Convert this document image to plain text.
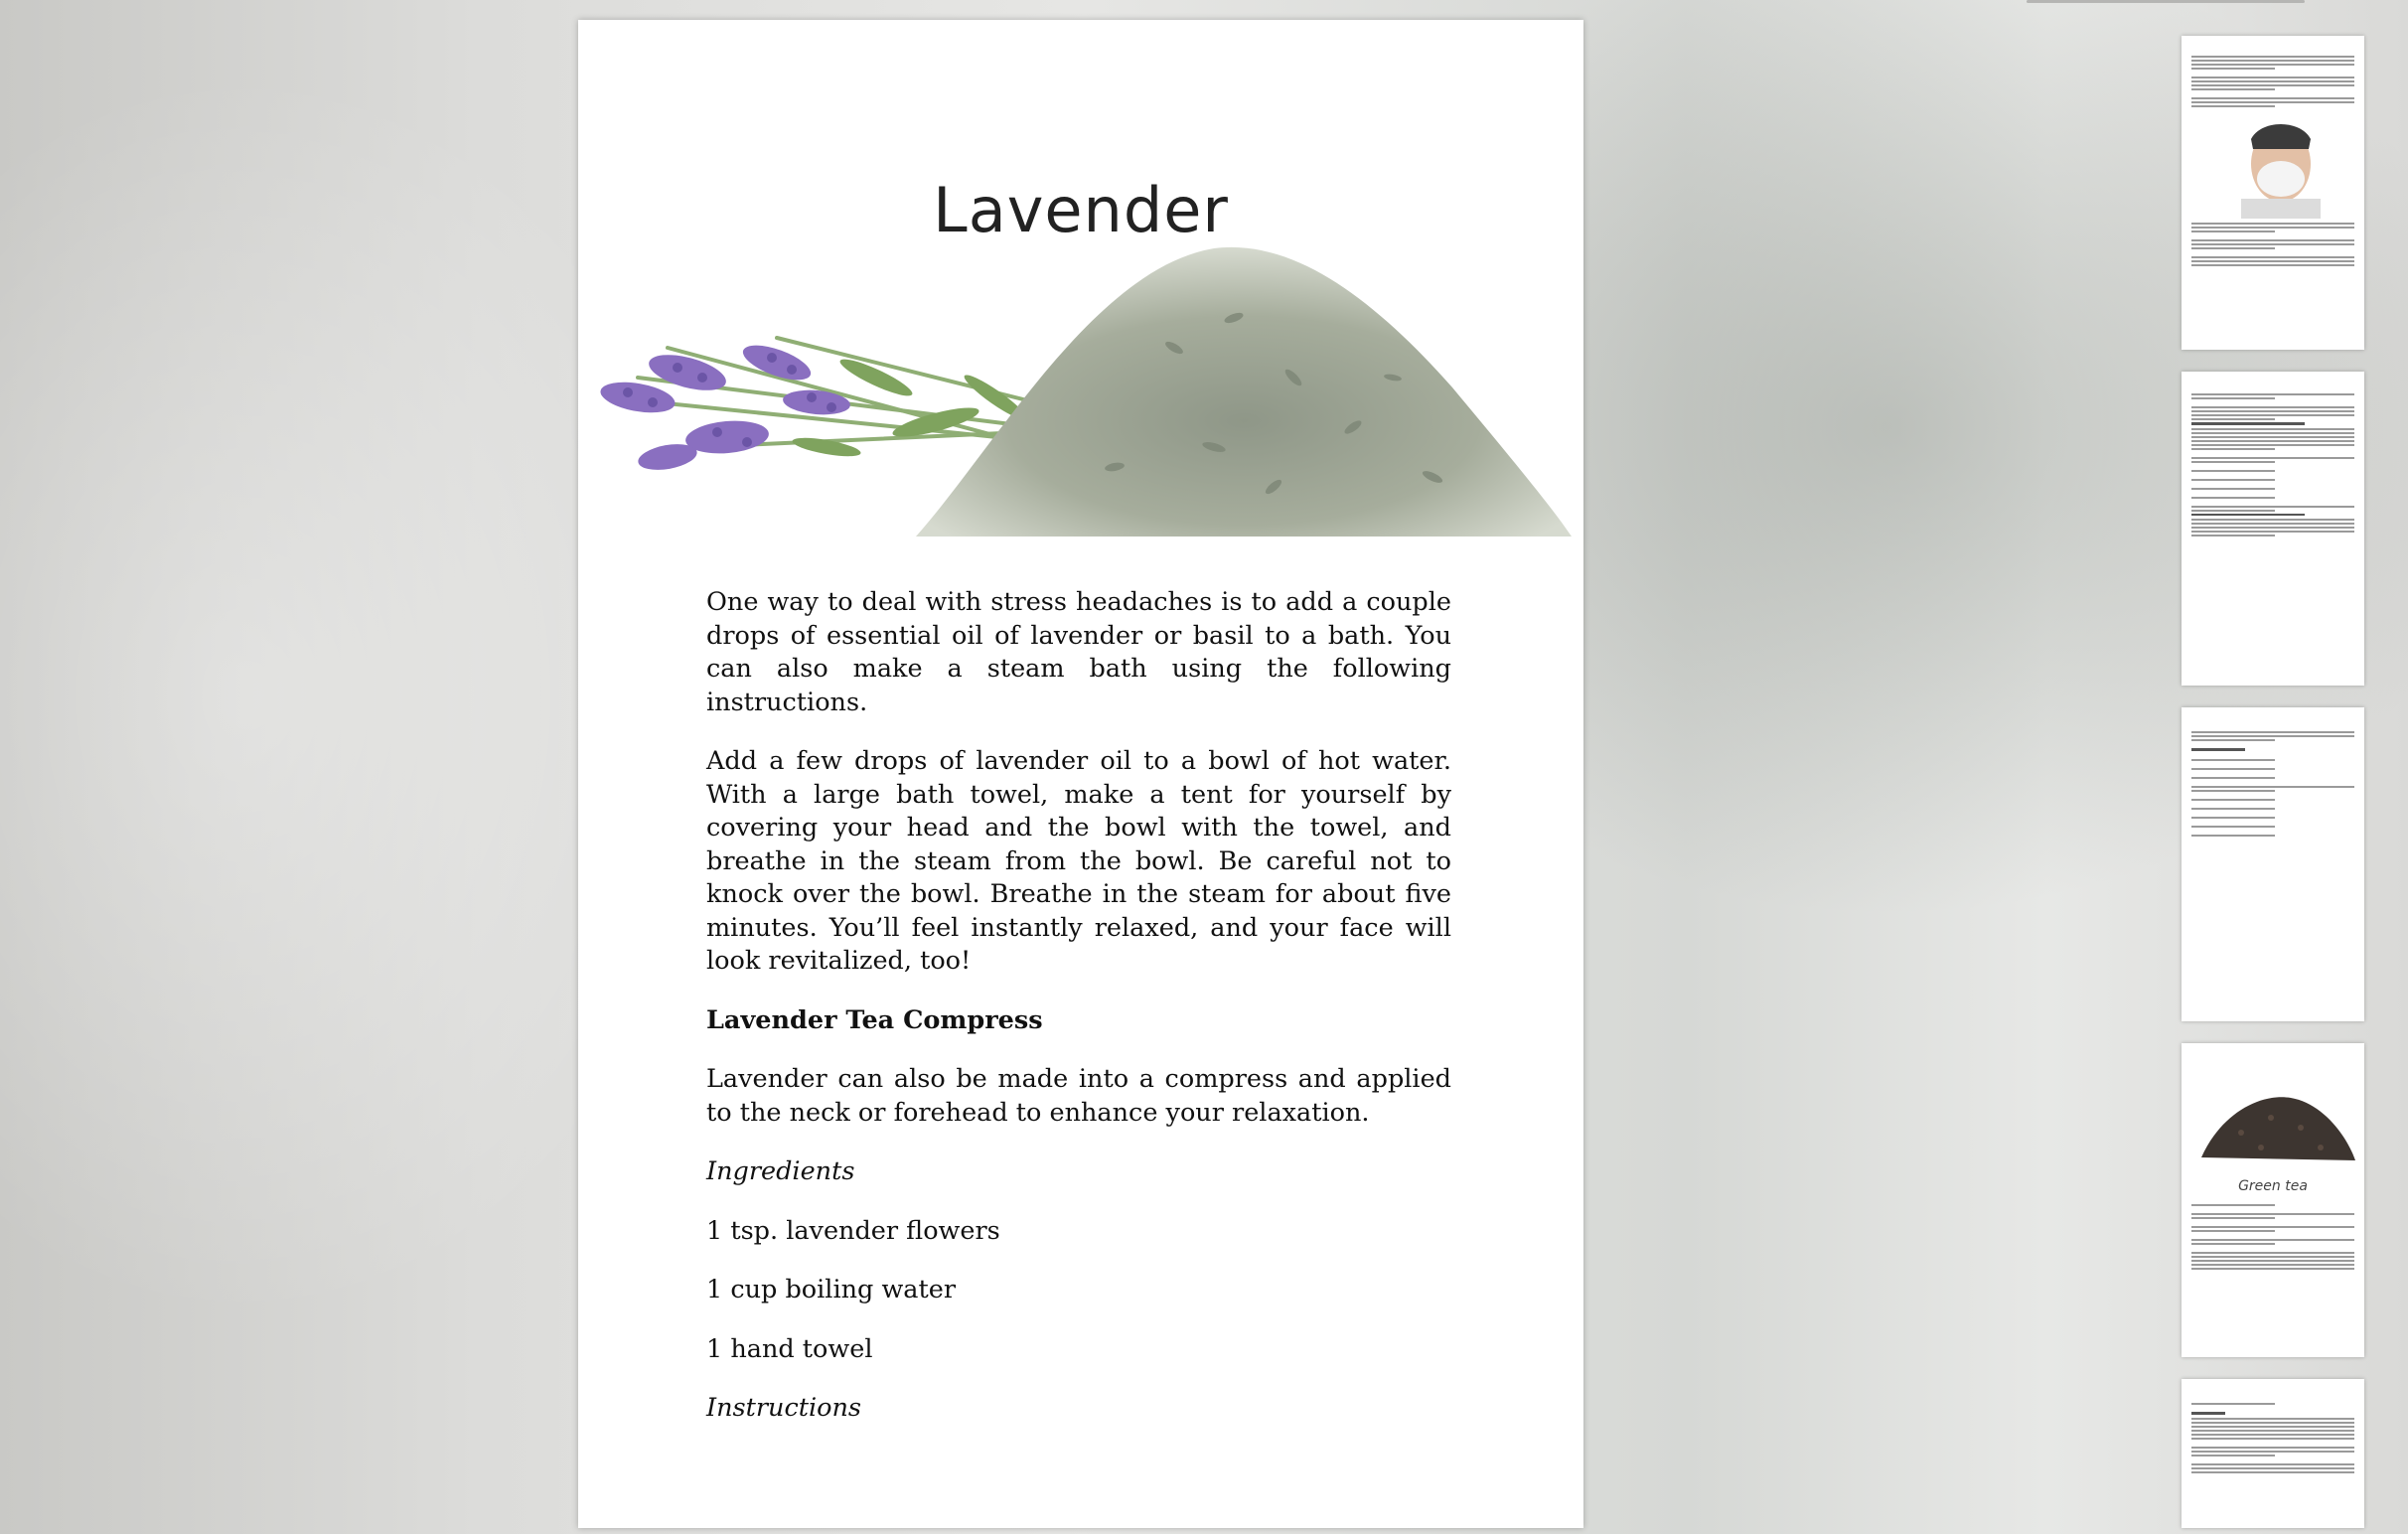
Lavender

One way to deal with stress headaches is to add a couple drops of essential oil of lavender or basil to a bath. You can also make a steam bath using the following instructions.

Add a few drops of lavender oil to a bowl of hot water. With a large bath towel, make a tent for yourself by covering your head and the bowl with the towel, and breathe in the steam from the bowl. Be careful not to knock over the bowl. Breathe in the steam for about five minutes. You’ll feel instantly relaxed, and your face will look revitalized, too!

Lavender Tea Compress

Lavender can also be made into a compress and applied to the neck or forehead to enhance your relaxation.

Ingredients

1 tsp. lavender flowers
1 cup boiling water
1 hand towel

Instructions

Green tea
